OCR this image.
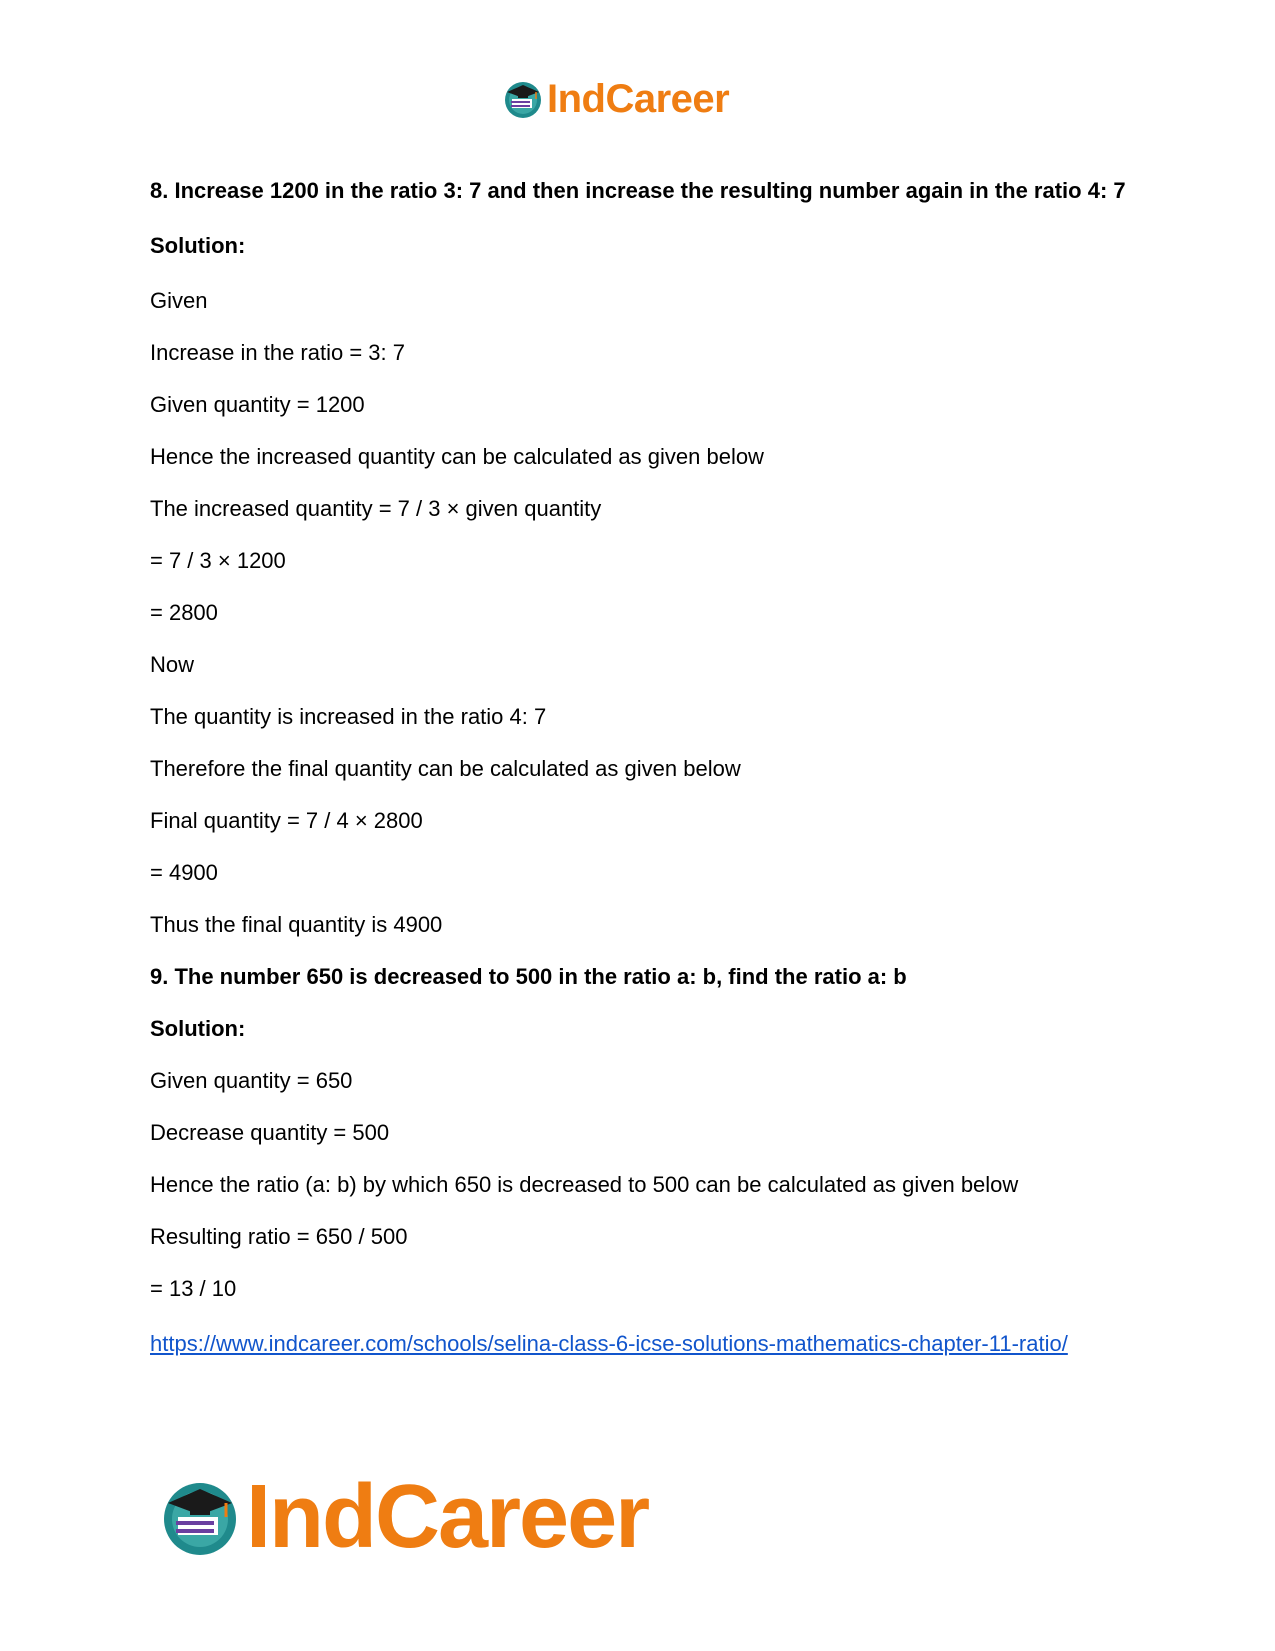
IndCareer

8. Increase 1200 in the ratio 3: 7 and then increase the resulting number again in the ratio 4: 7

Solution:

Given

Increase in the ratio = 3: 7

Given quantity = 1200

Hence the increased quantity can be calculated as given below

The increased quantity = 7 / 3 × given quantity

= 7 / 3 × 1200

= 2800

Now

The quantity is increased in the ratio 4: 7

Therefore the final quantity can be calculated as given below

Final quantity = 7 / 4 × 2800

= 4900

Thus the final quantity is 4900

9. The number 650 is decreased to 500 in the ratio a: b, find the ratio a: b

Solution:

Given quantity = 650

Decrease quantity = 500

Hence the ratio (a: b) by which 650 is decreased to 500 can be calculated as given below

Resulting ratio = 650 / 500

= 13 / 10

https://www.indcareer.com/schools/selina-class-6-icse-solutions-mathematics-chapter-11-ratio/
IndCareer
